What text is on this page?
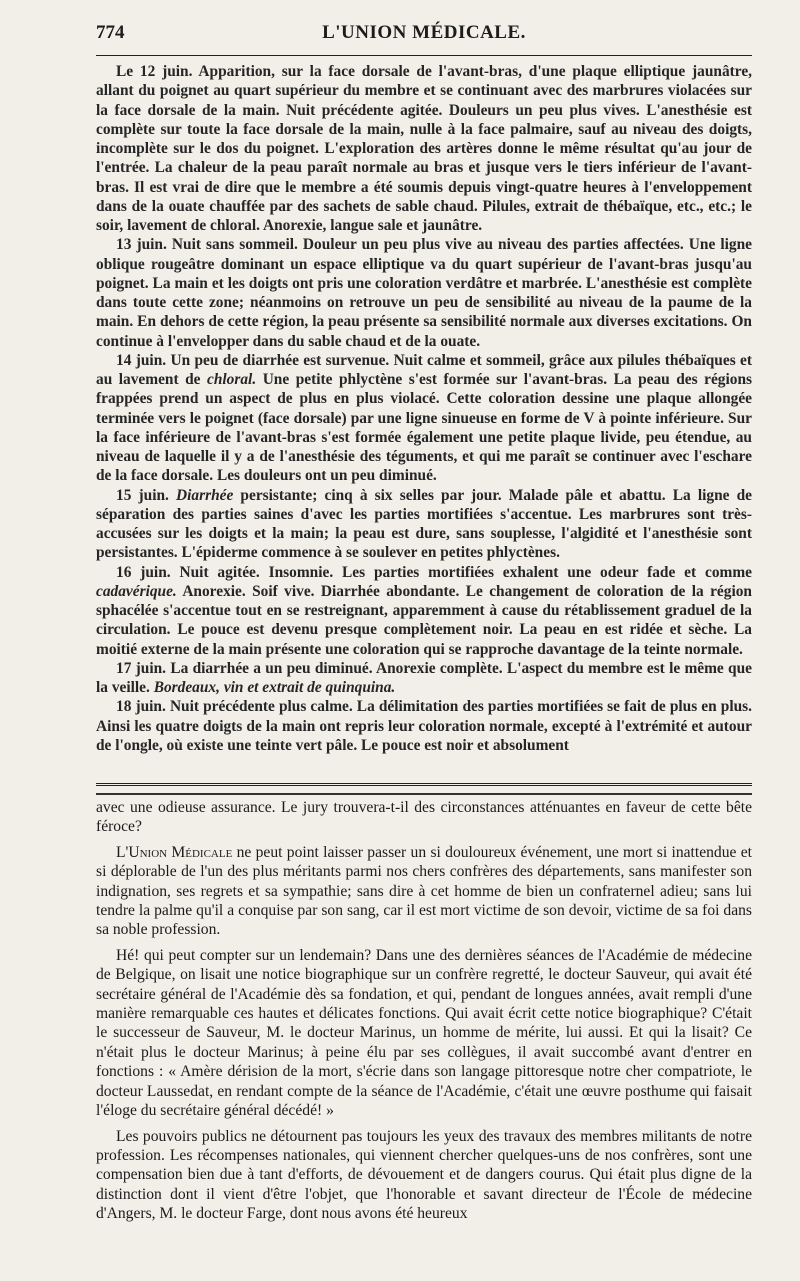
774	L'UNION MÉDICALE.

Le 12 juin. Apparition, sur la face dorsale de l'avant-bras, d'une plaque elliptique jaunâtre, allant du poignet au quart supérieur du membre et se continuant avec des marbrures violacées sur la face dorsale de la main. Nuit précédente agitée. Douleurs un peu plus vives. L'anesthésie est complète sur toute la face dorsale de la main, nulle à la face palmaire, sauf au niveau des doigts, incomplète sur le dos du poignet. L'exploration des artères donne le même résultat qu'au jour de l'entrée. La chaleur de la peau paraît normale au bras et jusque vers le tiers inférieur de l'avant-bras. Il est vrai de dire que le membre a été soumis depuis vingt-quatre heures à l'enveloppement dans de la ouate chauffée par des sachets de sable chaud. Pilules, extrait de thébaïque, etc., etc.; le soir, lavement de chloral. Anorexie, langue sale et jaunâtre.

13 juin. Nuit sans sommeil. Douleur un peu plus vive au niveau des parties affectées. Une ligne oblique rougeâtre dominant un espace elliptique va du quart supérieur de l'avant-bras jusqu'au poignet. La main et les doigts ont pris une coloration verdâtre et marbrée. L'anesthésie est complète dans toute cette zone; néanmoins on retrouve un peu de sensibilité au niveau de la paume de la main. En dehors de cette région, la peau présente sa sensibilité normale aux diverses excitations. On continue à l'envelopper dans du sable chaud et de la ouate.

14 juin. Un peu de diarrhée est survenue. Nuit calme et sommeil, grâce aux pilules thébaïques et au lavement de chloral. Une petite phlyctène s'est formée sur l'avant-bras. La peau des régions frappées prend un aspect de plus en plus violacé. Cette coloration dessine une plaque allongée terminée vers le poignet (face dorsale) par une ligne sinueuse en forme de V à pointe inférieure. Sur la face inférieure de l'avant-bras s'est formée également une petite plaque livide, peu étendue, au niveau de laquelle il y a de l'anesthésie des téguments, et qui me paraît se continuer avec l'eschare de la face dorsale. Les douleurs ont un peu diminué.

15 juin. Diarrhée persistante; cinq à six selles par jour. Malade pâle et abattu. La ligne de séparation des parties saines d'avec les parties mortifiées s'accentue. Les marbrures sont très-accusées sur les doigts et la main; la peau est dure, sans souplesse, l'algidité et l'anesthésie sont persistantes. L'épiderme commence à se soulever en petites phlyctènes.

16 juin. Nuit agitée. Insomnie. Les parties mortifiées exhalent une odeur fade et comme cadavérique. Anorexie. Soif vive. Diarrhée abondante. Le changement de coloration de la région sphacélée s'accentue tout en se restreignant, apparemment à cause du rétablissement graduel de la circulation. Le pouce est devenu presque complètement noir. La peau en est ridée et sèche. La moitié externe de la main présente une coloration qui se rapproche davantage de la teinte normale.

17 juin. La diarrhée a un peu diminué. Anorexie complète. L'aspect du membre est le même que la veille. Bordeaux, vin et extrait de quinquina.

18 juin. Nuit précédente plus calme. La délimitation des parties mortifiées se fait de plus en plus. Ainsi les quatre doigts de la main ont repris leur coloration normale, excepté à l'extrémité et autour de l'ongle, où existe une teinte vert pâle. Le pouce est noir et absolument

avec une odieuse assurance. Le jury trouvera-t-il des circonstances atténuantes en faveur de cette bête féroce?

L'Union Médicale ne peut point laisser passer un si douloureux événement, une mort si inattendue et si déplorable de l'un des plus méritants parmi nos chers confrères des départements, sans manifester son indignation, ses regrets et sa sympathie; sans dire à cet homme de bien un confraternel adieu; sans lui tendre la palme qu'il a conquise par son sang, car il est mort victime de son devoir, victime de sa foi dans sa noble profession.

Hé! qui peut compter sur un lendemain? Dans une des dernières séances de l'Académie de médecine de Belgique, on lisait une notice biographique sur un confrère regretté, le docteur Sauveur, qui avait été secrétaire général de l'Académie dès sa fondation, et qui, pendant de longues années, avait rempli d'une manière remarquable ces hautes et délicates fonctions. Qui avait écrit cette notice biographique? C'était le successeur de Sauveur, M. le docteur Marinus, un homme de mérite, lui aussi. Et qui la lisait? Ce n'était plus le docteur Marinus; à peine élu par ses collègues, il avait succombé avant d'entrer en fonctions : « Amère dérision de la mort, s'écrie dans son langage pittoresque notre cher compatriote, le docteur Laussedat, en rendant compte de la séance de l'Académie, c'était une œuvre posthume qui faisait l'éloge du secrétaire général décédé! »

Les pouvoirs publics ne détournent pas toujours les yeux des travaux des membres militants de notre profession. Les récompenses nationales, qui viennent chercher quelques-uns de nos confrères, sont une compensation bien due à tant d'efforts, de dévouement et de dangers courus. Qui était plus digne de la distinction dont il vient d'être l'objet, que l'honorable et savant directeur de l'École de médecine d'Angers, M. le docteur Farge, dont nous avons été heureux
